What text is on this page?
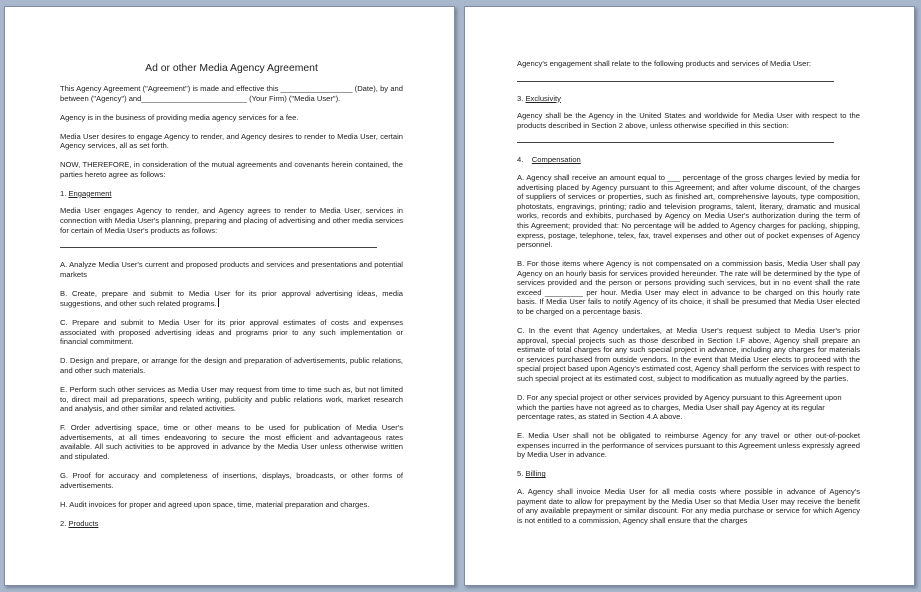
Ad or other Media Agency Agreement

This Agency Agreement ("Agreement") is made and effective this _________________ (Date), by and between ("Agency") and_________________________ (Your Firm) ("Media User").

Agency is in the business of providing media agency services for a fee.

Media User desires to engage Agency to render, and Agency desires to render to Media User, certain Agency services, all as set forth.

NOW, THEREFORE, in consideration of the mutual agreements and covenants herein contained, the parties hereto agree as follows:

1. Engagement

Media User engages Agency to render, and Agency agrees to render to Media User, services in connection with Media User's planning, preparing and placing of advertising and other media services for certain of Media User's products as follows:

A. Analyze Media User's current and proposed products and services and presentations and potential markets

B. Create, prepare and submit to Media User for its prior approval advertising ideas, media suggestions, and other such related programs.

C. Prepare and submit to Media User for its prior approval estimates of costs and expenses associated with proposed advertising ideas and programs prior to any such implementation or financial commitment.

D. Design and prepare, or arrange for the design and preparation of advertisements, public relations, and other such materials.

E. Perform such other services as Media User may request from time to time such as, but not limited to, direct mail ad preparations, speech writing, publicity and public relations work, market research and analysis, and other similar and related activities.

F. Order advertising space, time or other means to be used for publication of Media User's advertisements, at all times endeavoring to secure the most efficient and advantageous rates available. All such activities to be approved in advance by the Media User unless otherwise written and stipulated.

G. Proof for accuracy and completeness of insertions, displays, broadcasts, or other forms of advertisements.

H. Audit invoices for proper and agreed upon space, time, material preparation and charges.

2. Products

Agency's engagement shall relate to the following products and services of Media User:

3. Exclusivity

Agency shall be the Agency in the United States and worldwide for Media User with respect to the products described in Section 2 above, unless otherwise specified in this section:

4. Compensation

A. Agency shall receive an amount equal to ___ percentage of the gross charges levied by media for advertising placed by Agency pursuant to this Agreement; and after volume discount, of the charges of suppliers of services or properties, such as finished art, comprehensive layouts, type composition, photostats, engravings, printing; radio and television programs, talent, literary, dramatic and musical works, records and exhibits, purchased by Agency on Media User's authorization during the term of this Agreement; provided that: No percentage will be added to Agency charges for packing, shipping, express, postage, telephone, telex, fax, travel expenses and other out of pocket expenses of Agency personnel.

B. For those items where Agency is not compensated on a commission basis, Media User shall pay Agency on an hourly basis for services provided hereunder. The rate will be determined by the type of services provided and the person or persons providing such services, but in no event shall the rate exceed _________ per hour. Media User may elect in advance to be charged on this hourly rate basis. If Media User fails to notify Agency of its choice, it shall be presumed that Media User elected to be charged on a percentage basis.

C. In the event that Agency undertakes, at Media User's request subject to Media User's prior approval, special projects such as those described in Section I.F above, Agency shall prepare an estimate of total charges for any such special project in advance, including any charges for materials or services purchased from outside vendors. In the event that Media User elects to proceed with the special project based upon Agency's estimated cost, Agency shall perform the services with respect to such special project at its estimated cost, subject to modification as mutually agreed by the parties.

D. For any special project or other services provided by Agency pursuant to this Agreement upon which the parties have not agreed as to charges, Media User shall pay Agency at its regular percentage rates, as stated in Section 4.A above.

E. Media User shall not be obligated to reimburse Agency for any travel or other out-of-pocket expenses incurred in the performance of services pursuant to this Agreement unless expressly agreed by Media User in advance.

5. Billing

A. Agency shall invoice Media User for all media costs where possible in advance of Agency's payment date to allow for prepayment by the Media User so that Media User may receive the benefit of any available prepayment or similar discount. For any media purchase or service for which Agency is not entitled to a commission, Agency shall ensure that the charges
